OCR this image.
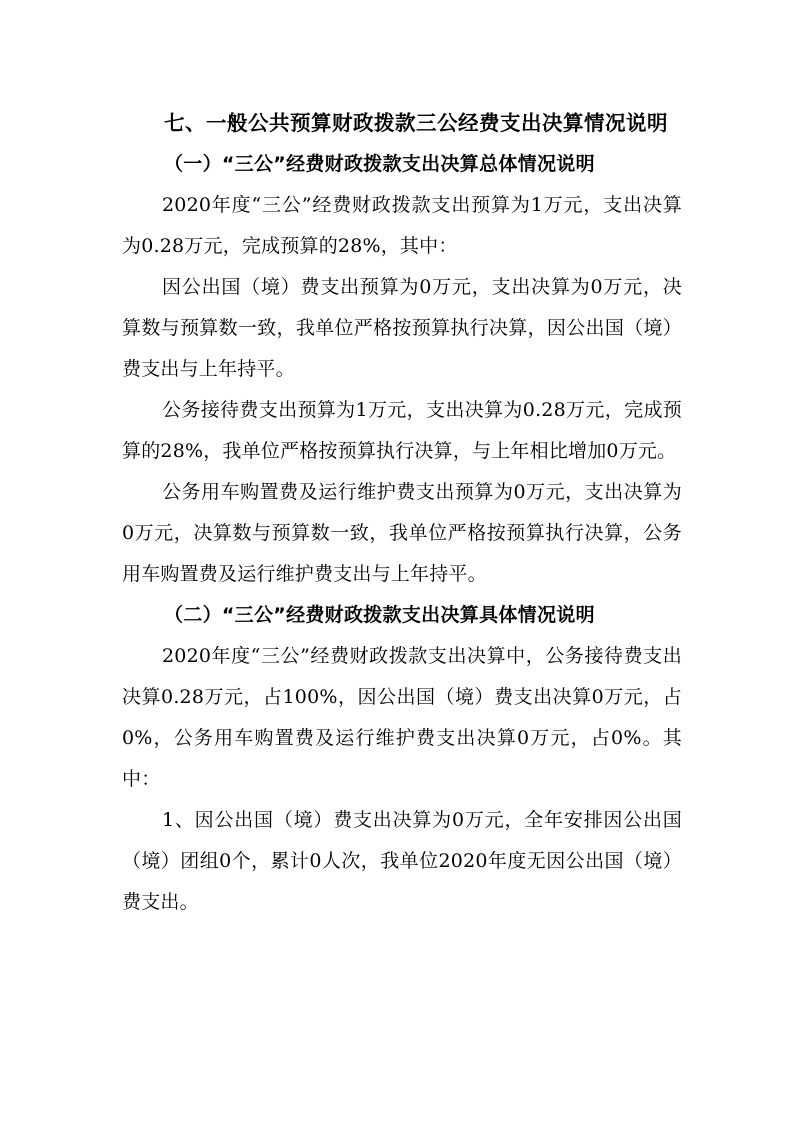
七、一般公共预算财政拨款三公经费支出决算情况说明

（一）“三公”经费财政拨款支出决算总体情况说明

2020年度“三公”经费财政拨款支出预算为1万元，支出决算为0.28万元，完成预算的28%，其中：

因公出国（境）费支出预算为0万元，支出决算为0万元，决算数与预算数一致，我单位严格按预算执行决算，因公出国（境）费支出与上年持平。

公务接待费支出预算为1万元，支出决算为0.28万元，完成预算的28%，我单位严格按预算执行决算，与上年相比增加0万元。

公务用车购置费及运行维护费支出预算为0万元，支出决算为0万元，决算数与预算数一致，我单位严格按预算执行决算，公务用车购置费及运行维护费支出与上年持平。

（二）“三公”经费财政拨款支出决算具体情况说明

2020年度“三公”经费财政拨款支出决算中，公务接待费支出决算0.28万元，占100%，因公出国（境）费支出决算0万元，占0%，公务用车购置费及运行维护费支出决算0万元，占0%。其中：

1、因公出国（境）费支出决算为0万元，全年安排因公出国（境）团组0个，累计0人次，我单位2020年度无因公出国（境）费支出。
